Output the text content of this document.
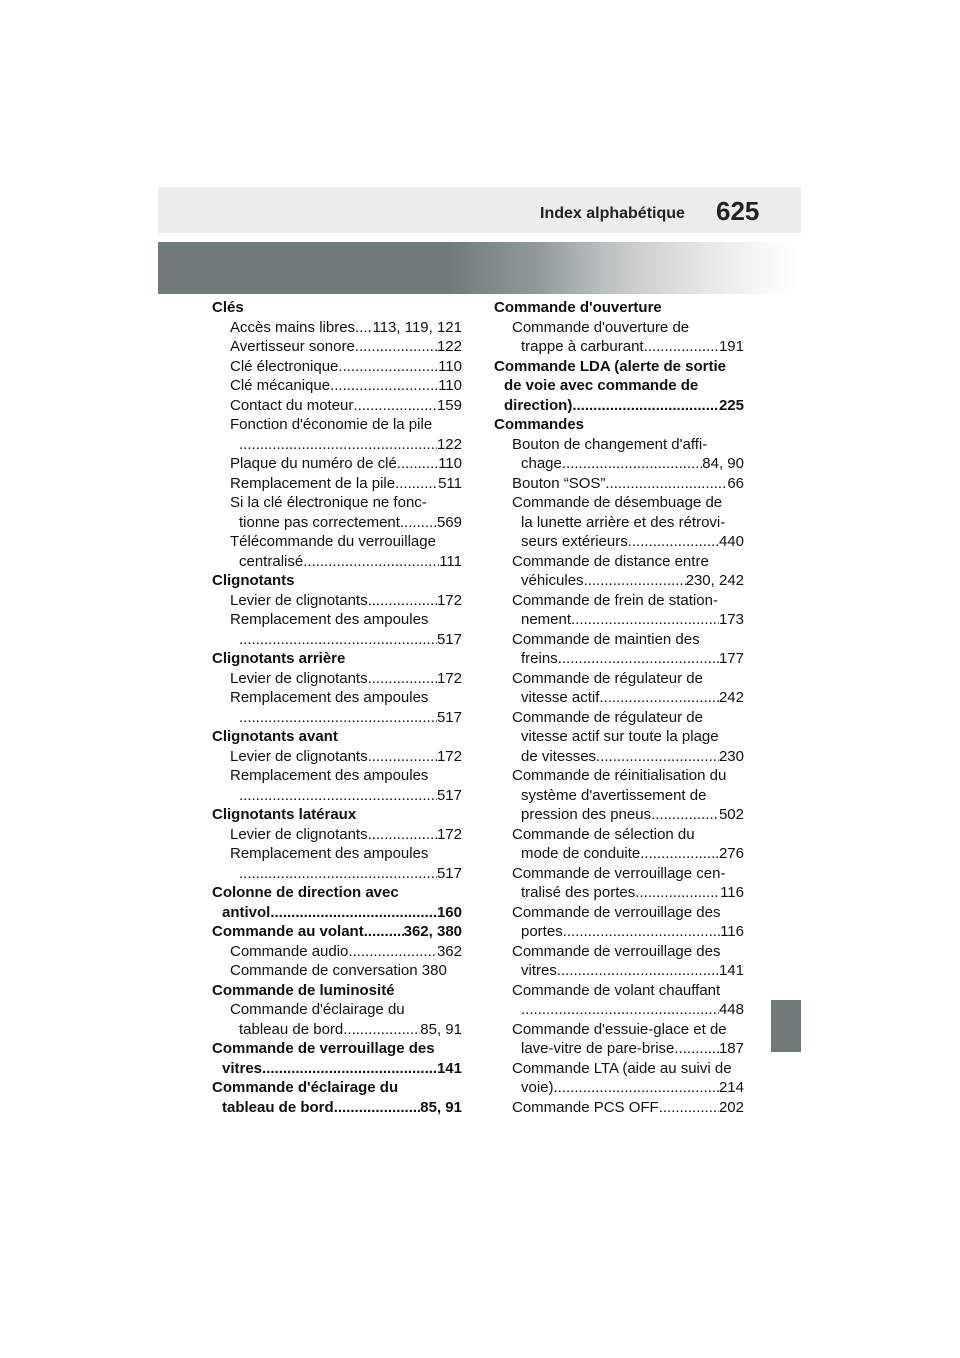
Index alphabétique 625
Clés
Accès mains libres ..... 113, 119, 121
Avertisseur sonore .....	122
Clé électronique .....	110
Clé mécanique .....	110
Contact du moteur .....	159
Fonction d'économie de la pile
.....
122
Plaque du numéro de clé .....	110
Remplacement de la pile .....	511
Si la clé électronique ne fonc-
tionne pas correctement ..... 569
Télécommande du verrouillage
centralisé .....	111
Clignotants
Levier de clignotants .....	172
Remplacement des ampoules
.....
517
Clignotants arrière
Levier de clignotants .....	172
Remplacement des ampoules
.....
517
Clignotants avant
Levier de clignotants .....	172
Remplacement des ampoules
.....
517
Clignotants latéraux
Levier de clignotants .....	172
Remplacement des ampoules
.....
517
Colonne de direction avec
antivol .....	160
Commande au volant .....	362, 380
Commande audio .....	362
Commande de conversation 380
Commande de luminosité
Commande d'éclairage du
tableau de bord .....	85, 91
Commande de verrouillage des
vitres .....	141
Commande d'éclairage du
tableau de bord .....	85, 91
Commande d'ouverture
Commande d'ouverture de
trappe à carburant .....	191
Commande LDA (alerte de sortie
de voie avec commande de
direction) .....	225
Commandes
Bouton de changement d'affi-
chage .....	84, 90
Bouton “SOS” .....	66
Commande de désembuage de
la lunette arrière et des rétrovi-
seurs extérieurs .....	440
Commande de distance entre
véhicules .....	230, 242
Commande de frein de station-
nement .....	173
Commande de maintien des
freins .....	177
Commande de régulateur de
vitesse actif .....	242
Commande de régulateur de
vitesse actif sur toute la plage
de vitesses .....	230
Commande de réinitialisation du
système d'avertissement de
pression des pneus .....	502
Commande de sélection du
mode de conduite .....	276
Commande de verrouillage cen-
tralisé des portes .....	116
Commande de verrouillage des
portes .....	116
Commande de verrouillage des
vitres .....	141
Commande de volant chauffant
.....
448
Commande d'essuie-glace et de
lave-vitre de pare-brise .....	187
Commande LTA (aide au suivi de
voie) .....	214
Commande PCS OFF .....	202
